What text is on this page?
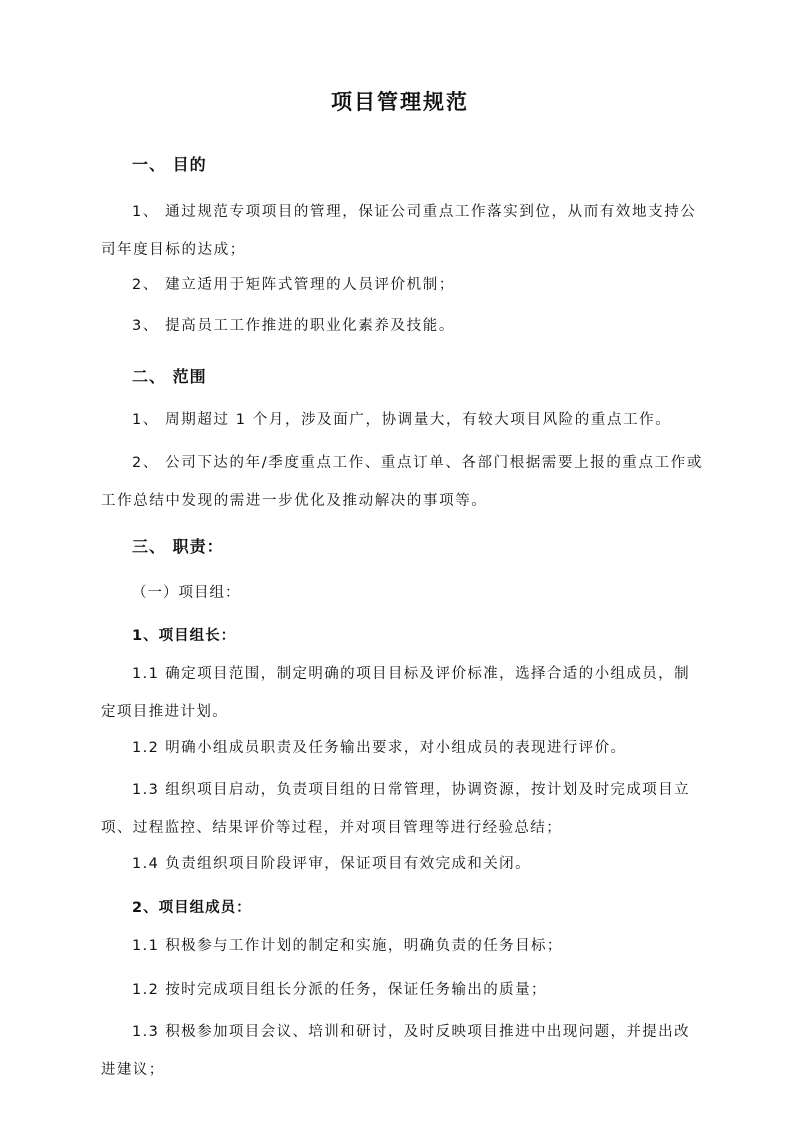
项目管理规范
一、 目的

1、 通过规范专项项目的管理，保证公司重点工作落实到位，从而有效地支持公司年度目标的达成；

2、 建立适用于矩阵式管理的人员评价机制；

3、 提高员工工作推进的职业化素养及技能。

二、 范围

1、 周期超过 1 个月，涉及面广，协调量大，有较大项目风险的重点工作。

2、 公司下达的年/季度重点工作、重点订单、各部门根据需要上报的重点工作或工作总结中发现的需进一步优化及推动解决的事项等。

三、 职责：
（一）项目组：
1、项目组长：

1.1 确定项目范围，制定明确的项目目标及评价标准，选择合适的小组成员，制定项目推进计划。

1.2 明确小组成员职责及任务输出要求，对小组成员的表现进行评价。

1.3 组织项目启动，负责项目组的日常管理，协调资源，按计划及时完成项目立项、过程监控、结果评价等过程，并对项目管理等进行经验总结；

1.4 负责组织项目阶段评审，保证项目有效完成和关闭。

2、项目组成员：

1.1 积极参与工作计划的制定和实施，明确负责的任务目标；

1.2 按时完成项目组长分派的任务，保证任务输出的质量；

1.3 积极参加项目会议、培训和研讨，及时反映项目推进中出现问题，并提出改进建议；
